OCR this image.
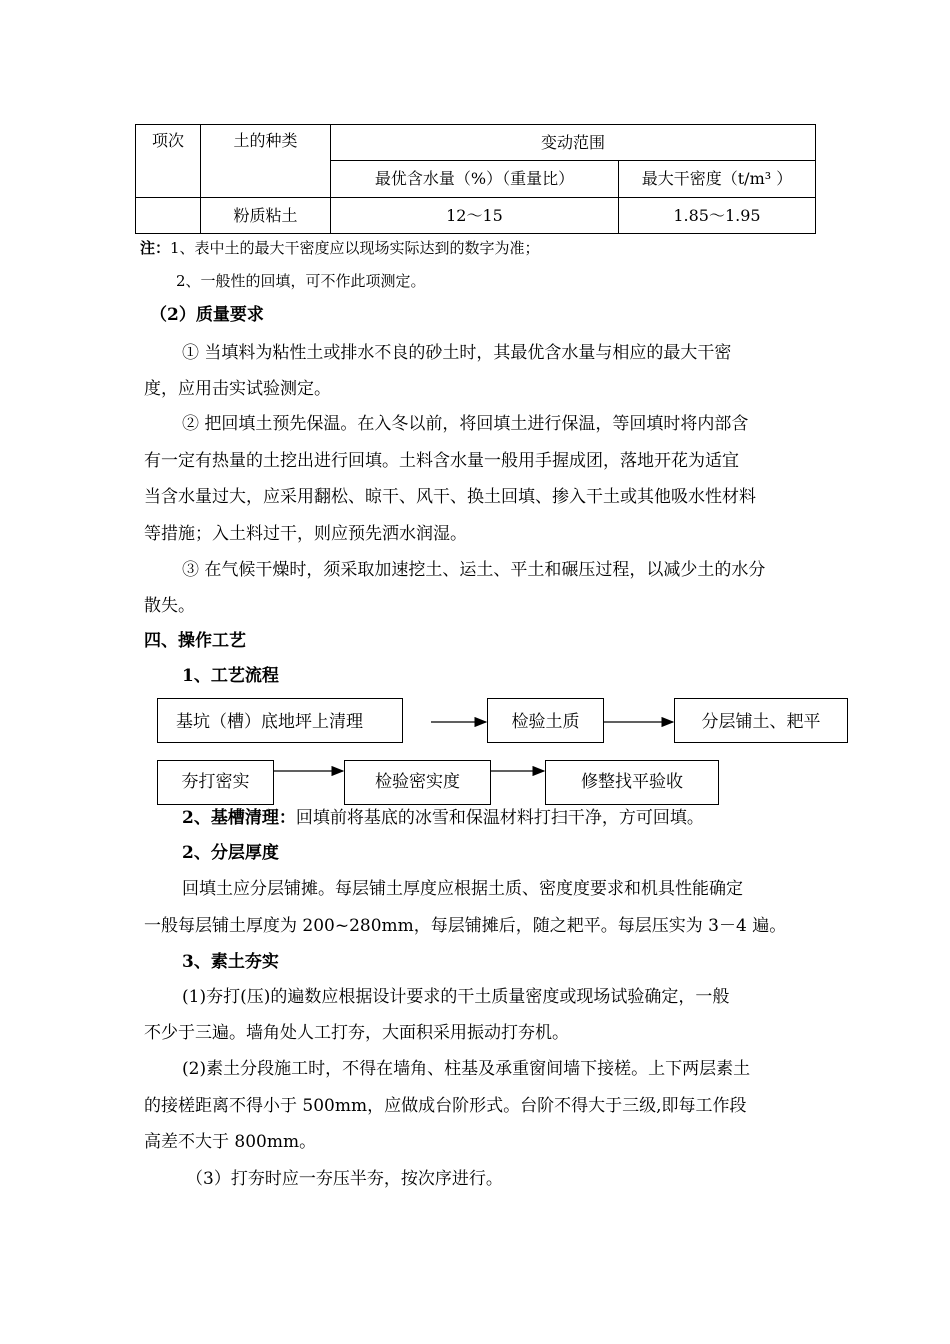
项次	土的种类	变动范围	
		最优含水量（%）（重量比）	最大干密度（t/m³ ）
	粉质粘土	12～15	1.85～1.95
注：1、表中土的最大干密度应以现场实际达到的数字为准；
2、一般性的回填，可不作此项测定。
（2）质量要求
① 当填料为粘性土或排水不良的砂土时，其最优含水量与相应的最大干密
度，应用击实试验测定。
② 把回填土预先保温。在入冬以前，将回填土进行保温，等回填时将内部含
有一定有热量的土挖出进行回填。土料含水量一般用手握成团，落地开花为适宜
当含水量过大，应采用翻松、晾干、风干、换土回填、掺入干土或其他吸水性材料
等措施；入土料过干，则应预先洒水润湿。
③ 在气候干燥时，须采取加速挖土、运土、平土和碾压过程，以减少土的水分
散失。
四、操作工艺
1、工艺流程
基坑（槽）底地坪上清理	检验土质	分层铺土、耙平
夯打密实	检验密实度	修整找平验收
2、基槽清理：回填前将基底的冰雪和保温材料打扫干净，方可回填。
2、分层厚度
回填土应分层铺摊。每层铺土厚度应根据土质、密度度要求和机具性能确定
一般每层铺土厚度为 200~280mm，每层铺摊后，随之耙平。每层压实为 3－4 遍。
3、素土夯实
(1)夯打(压)的遍数应根据设计要求的干土质量密度或现场试验确定，一般
不少于三遍。墙角处人工打夯，大面积采用振动打夯机。
(2)素土分段施工时，不得在墙角、柱基及承重窗间墙下接槎。上下两层素土
的接槎距离不得小于 500mm，应做成台阶形式。台阶不得大于三级,即每工作段
高差不大于 800mm。
（3）打夯时应一夯压半夯，按次序进行。
